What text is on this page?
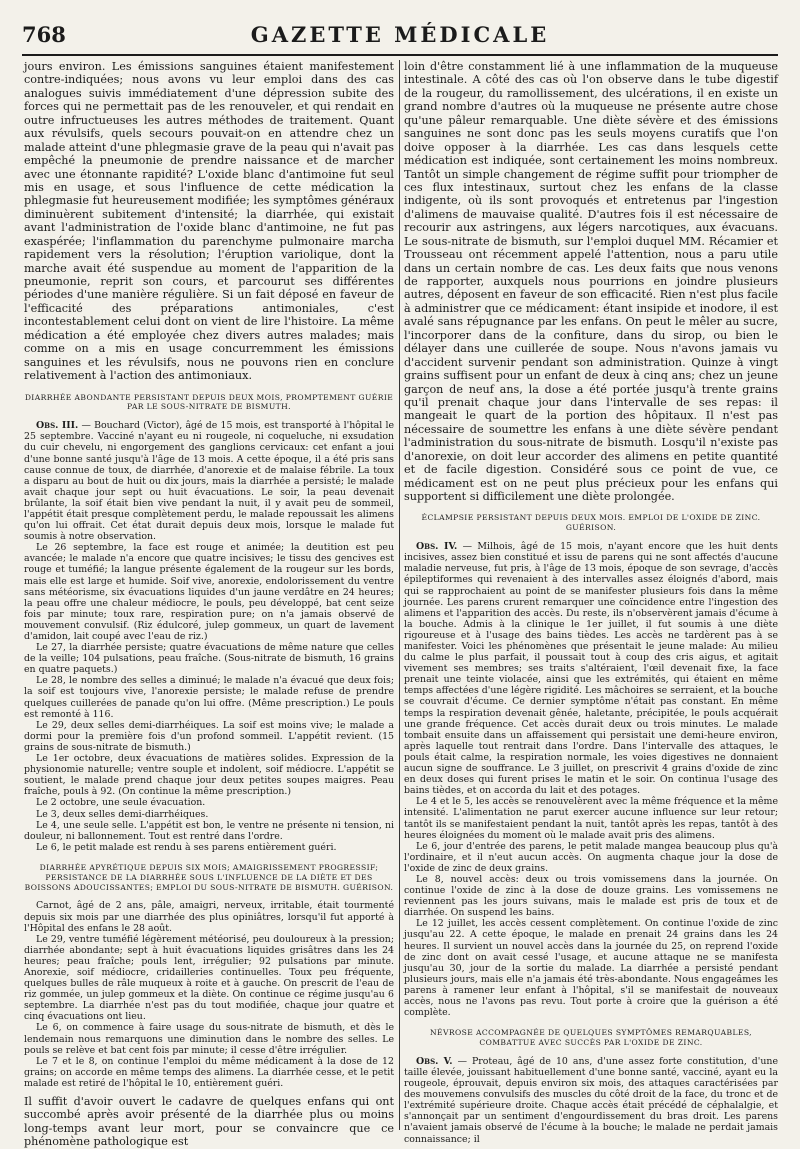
768	GAZETTE MÉDICALE

jours environ. Les émissions sanguines étaient manifestement contre-indiquées; nous avons vu leur emploi dans des cas analogues suivis immédiatement d'une dépression subite des forces qui ne permettait pas de les renouveler, et qui rendait en outre infructueuses les autres méthodes de traitement. Quant aux révulsifs, quels secours pouvait-on en attendre chez un malade atteint d'une phlegmasie grave de la peau qui n'avait pas empêché la pneumonie de prendre naissance et de marcher avec une étonnante rapidité? L'oxide blanc d'antimoine fut seul mis en usage, et sous l'influence de cette médication la phlegmasie fut heureusement modifiée; les symptômes généraux diminuèrent subitement d'intensité; la diarrhée, qui existait avant l'administration de l'oxide blanc d'antimoine, ne fut pas exaspérée; l'inflammation du parenchyme pulmonaire marcha rapidement vers la résolution; l'éruption variolique, dont la marche avait été suspendue au moment de l'apparition de la pneumonie, reprit son cours, et parcourut ses différentes périodes d'une manière régulière. Si un fait déposé en faveur de l'efficacité des préparations antimoniales, c'est incontestablement celui dont on vient de lire l'histoire. La même médication a été employée chez divers autres malades; mais comme on a mis en usage concurremment les émissions sanguines et les révulsifs, nous ne pouvons rien en conclure relativement à l'action des antimoniaux.

DIARRHÉE ABONDANTE PERSISTANT DEPUIS DEUX MOIS, PROMPTEMENT GUÉRIE PAR LE SOUS-NITRATE DE BISMUTH.

Obs. III. — Bouchard (Victor), âgé de 15 mois, est transporté à l'hôpital le 25 septembre. Vacciné n'ayant eu ni rougeole, ni coqueluche, ni exsudation du cuir chevelu, ni engorgement des ganglions cervicaux: cet enfant a joui d'une bonne santé jusqu'à l'âge de 13 mois. A cette époque, il a été pris sans cause connue de toux, de diarrhée, d'anorexie et de malaise fébrile. La toux a disparu au bout de huit ou dix jours, mais la diarrhée a persisté; le malade avait chaque jour sept ou huit évacuations. Le soir, la peau devenait brûlante, la soif était bien vive pendant la nuit, il y avait peu de sommeil, l'appétit était presque complètement perdu, le malade repoussait les alimens qu'on lui offrait. Cet état durait depuis deux mois, lorsque le malade fut soumis à notre observation.

Le 26 septembre, la face est rouge et animée; la deutition est peu avancée; le malade n'a encore que quatre incisives; le tissu des gencives est rouge et tuméfié; la langue présente également de la rougeur sur les bords, mais elle est large et humide. Soif vive, anorexie, endolorissement du ventre sans météorisme, six évacuations liquides d'un jaune verdâtre en 24 heures; la peau offre une chaleur médiocre, le pouls, peu développé, bat cent seize fois par minute; toux rare, respiration pure; on n'a jamais observé de mouvement convulsif. (Riz édulcoré, julep gommeux, un quart de lavement d'amidon, lait coupé avec l'eau de riz.)

Le 27, la diarrhée persiste; quatre évacuations de même nature que celles de la veille; 104 pulsations, peau fraîche. (Sous-nitrate de bismuth, 16 grains en quatre paquets.)

Le 28, le nombre des selles a diminué; le malade n'a évacué que deux fois; la soif est toujours vive, l'anorexie persiste; le malade refuse de prendre quelques cuillerées de panade qu'on lui offre. (Même prescription.) Le pouls est remonté à 116.

Le 29, deux selles demi-diarrhéiques. La soif est moins vive; le malade a dormi pour la première fois d'un profond sommeil. L'appétit revient. (15 grains de sous-nitrate de bismuth.)

Le 1er octobre, deux évacuations de matières solides. Expression de la physionomie naturelle; ventre souple et indolent, soif médiocre. L'appétit se soutient, le malade prend chaque jour deux petites soupes maigres. Peau fraîche, pouls à 92. (On continue la même prescription.)

Le 2 octobre, une seule évacuation.

Le 3, deux selles demi-diarrhéiques.

Le 4, une seule selle. L'appétit est bon, le ventre ne présente ni tension, ni douleur, ni ballonnement. Tout est rentré dans l'ordre.

Le 6, le petit malade est rendu à ses parens entièrement guéri.

DIARRHÉE APYRÉTIQUE DEPUIS SIX MOIS; AMAIGRISSEMENT PROGRESSIF; PERSISTANCE DE LA DIARRHÉE SOUS L'INFLUENCE DE LA DIÈTE ET DES BOISSONS ADOUCISSANTES; EMPLOI DU SOUS-NITRATE DE BISMUTH. GUÉRISON.

Carnot, âgé de 2 ans, pâle, amaigri, nerveux, irritable, était tourmenté depuis six mois par une diarrhée des plus opiniâtres, lorsqu'il fut apporté à l'Hôpital des enfans le 28 août.

Le 29, ventre tuméfié légèrement météorisé, peu douloureux à la pression; diarrhée abondante; sept à huit évacuations liquides grisâtres dans les 24 heures; peau fraîche; pouls lent, irrégulier; 92 pulsations par minute. Anorexie, soif médiocre, cridailleries continuelles. Toux peu fréquente, quelques bulles de râle muqueux à roite et à gauche. On prescrit de l'eau de riz gommée, un julep gommeux et la diète. On continue ce régime jusqu'au 6 septembre. La diarrhée n'est pas du tout modifiée, chaque jour quatre et cinq évacuations ont lieu.

Le 6, on commence à faire usage du sous-nitrate de bismuth, et dès le lendemain nous remarquons une diminution dans le nombre des selles. Le pouls se relève et bat cent fois par minute; il cesse d'être irrégulier.

Le 7 et le 8, on continue l'emploi du même médicament à la dose de 12 grains; on accorde en même temps des alimens. La diarrhée cesse, et le petit malade est retiré de l'hôpital le 10, entièrement guéri.

Il suffit d'avoir ouvert le cadavre de quelques enfans qui ont succombé après avoir présenté de la diarrhée plus ou moins long-temps avant leur mort, pour se convaincre que ce phénomène pathologique est

loin d'être constamment lié à une inflammation de la muqueuse intestinale. A côté des cas où l'on observe dans le tube digestif de la rougeur, du ramollissement, des ulcérations, il en existe un grand nombre d'autres où la muqueuse ne présente autre chose qu'une pâleur remarquable. Une diète sévère et des émissions sanguines ne sont donc pas les seuls moyens curatifs que l'on doive opposer à la diarrhée. Les cas dans lesquels cette médication est indiquée, sont certainement les moins nombreux. Tantôt un simple changement de régime suffit pour triompher de ces flux intestinaux, surtout chez les enfans de la classe indigente, où ils sont provoqués et entretenus par l'ingestion d'alimens de mauvaise qualité. D'autres fois il est nécessaire de recourir aux astringens, aux légers narcotiques, aux évacuans. Le sous-nitrate de bismuth, sur l'emploi duquel MM. Récamier et Trousseau ont récemment appelé l'attention, nous a paru utile dans un certain nombre de cas. Les deux faits que nous venons de rapporter, auxquels nous pourrions en joindre plusieurs autres, déposent en faveur de son efficacité. Rien n'est plus facile à administrer que ce médicament: étant insipide et inodore, il est avalé sans répugnance par les enfans. On peut le mêler au sucre, l'incorporer dans de la confiture, dans du sirop, ou bien le délayer dans une cuillerée de soupe. Nous n'avons jamais vu d'accident survenir pendant son administration. Quinze à vingt grains suffisent pour un enfant de deux à cinq ans; chez un jeune garçon de neuf ans, la dose a été portée jusqu'à trente grains qu'il prenait chaque jour dans l'intervalle de ses repas: il mangeait le quart de la portion des hôpitaux. Il n'est pas nécessaire de soumettre les enfans à une diète sévère pendant l'administration du sous-nitrate de bismuth. Losqu'il n'existe pas d'anorexie, on doit leur accorder des alimens en petite quantité et de facile digestion. Considéré sous ce point de vue, ce médicament est on ne peut plus précieux pour les enfans qui supportent si difficilement une diète prolongée.

ÉCLAMPSIE PERSISTANT DEPUIS DEUX MOIS. EMPLOI DE L'OXIDE DE ZINC. GUÉRISON.

Obs. IV. — Milhois, âgé de 15 mois, n'ayant encore que les huit dents incisives, assez bien constitué et issu de parens qui ne sont affectés d'aucune maladie nerveuse, fut pris, à l'âge de 13 mois, époque de son sevrage, d'accès épileptiformes qui revenaient à des intervalles assez éloignés d'abord, mais qui se rapprochaient au point de se manifester plusieurs fois dans la même journée. Les parens crurent remarquer une coïncidence entre l'ingestion des alimens et l'apparition des accès. Du reste, ils n'observèrent jamais d'écume à la bouche. Admis à la clinique le 1er juillet, il fut soumis à une diète rigoureuse et à l'usage des bains tièdes. Les accès ne tardèrent pas à se manifester. Voici les phénomènes que présentait le jeune malade: Au milieu du calme le plus parfait, il poussait tout à coup des cris aigus, et agitait vivement ses membres; ses traits s'altéraient, l'œil devenait fixe, la face prenait une teinte violacée, ainsi que les extrémités, qui étaient en même temps affectées d'une légère rigidité. Les mâchoires se serraient, et la bouche se couvrait d'écume. Ce dernier symptôme n'était pas constant. En même temps la respiration devenait gênée, haletante, précipitée, le pouls acquérait une grande fréquence. Cet accès durait deux ou trois minutes. Le malade tombait ensuite dans un affaissement qui persistait une demi-heure environ, après laquelle tout rentrait dans l'ordre. Dans l'intervalle des attaques, le pouls était calme, la respiration normale, les voies digestives ne donnaient aucun signe de souffrance. Le 3 juillet, on prescrivit 4 grains d'oxide de zinc en deux doses qui furent prises le matin et le soir. On continua l'usage des bains tièdes, et on accorda du lait et des potages.

Le 4 et le 5, les accès se renouvelèrent avec la même fréquence et la même intensité. L'alimentation ne parut exercer aucune influence sur leur retour; tantôt ils se manifestaient pendant la nuit, tantôt après les repas, tantôt à des heures éloignées du moment où le malade avait pris des alimens.

Le 6, jour d'entrée des parens, le petit malade mangea beaucoup plus qu'à l'ordinaire, et il n'eut aucun accès. On augmenta chaque jour la dose de l'oxide de zinc de deux grains.

Le 8, nouvel accès: deux ou trois vomissemens dans la journée. On continue l'oxide de zinc à la dose de douze grains. Les vomissemens ne reviennent pas les jours suivans, mais le malade est pris de toux et de diarrhée. On suspend les bains.

Le 12 juillet, les accès cessent complètement. On continue l'oxide de zinc jusqu'au 22. A cette époque, le malade en prenait 24 grains dans les 24 heures. Il survient un nouvel accès dans la journée du 25, on reprend l'oxide de zinc dont on avait cessé l'usage, et aucune attaque ne se manifesta jusqu'au 30, jour de la sortie du malade. La diarrhée a persisté pendant plusieurs jours, mais elle n'a jamais été très-abondante. Nous engageâmes les parens à ramener leur enfant à l'hôpital, s'il se manifestait de nouveaux accès, nous ne l'avons pas revu. Tout porte à croire que la guérison a été complète.

NÉVROSE ACCOMPAGNÉE DE QUELQUES SYMPTÔMES REMARQUABLES, COMBATTUE AVEC SUCCÈS PAR L'OXIDE DE ZINC.

Obs. V. — Proteau, âgé de 10 ans, d'une assez forte constitution, d'une taille élevée, jouissant habituellement d'une bonne santé, vacciné, ayant eu la rougeole, éprouvait, depuis environ six mois, des attaques caractérisées par des mouvemens convulsifs des muscles du côté droit de la face, du tronc et de l'extrémité supérieure droite. Chaque accès était précédé de céphalalgie, et s'annonçait par un sentiment d'engourdissement du bras droit. Les parens n'avaient jamais observé de l'écume à la bouche; le malade ne perdait jamais connaissance; il
